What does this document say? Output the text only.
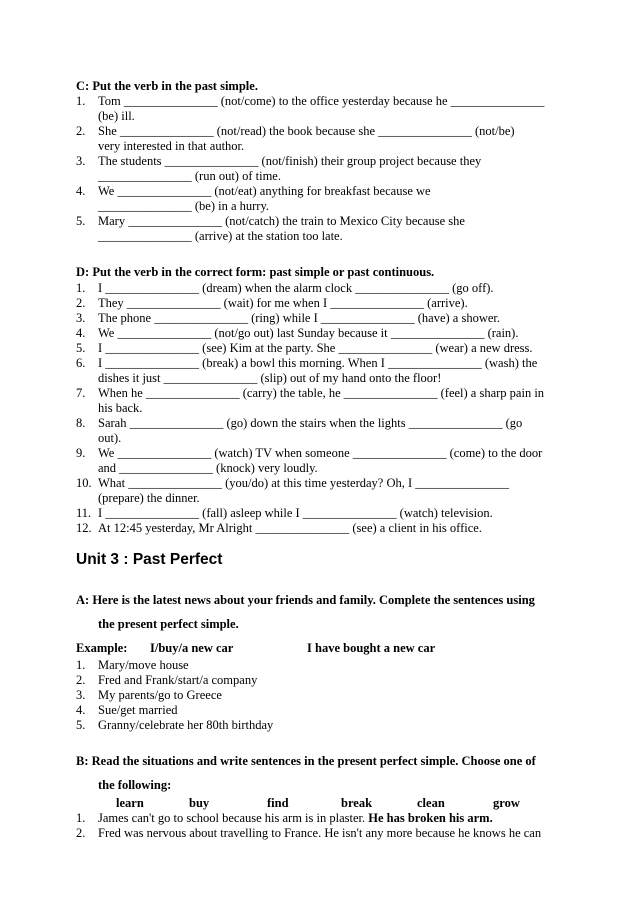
C: Put the verb in the past simple.
1.	Tom _______________ (not/come) to the office yesterday because he _______________
(be) ill.
2.	She _______________ (not/read) the book because she _______________ (not/be)
very interested in that author.
3.	The students _______________ (not/finish) their group project because they
_______________ (run out) of time.
4.	We _______________ (not/eat) anything for breakfast because we
_______________ (be) in a hurry.
5.	Mary _______________ (not/catch) the train to Mexico City because she
_______________ (arrive) at the station too late.
D: Put the verb in the correct form: past simple or past continuous.
1.	I _______________ (dream) when the alarm clock _______________ (go off).
2.	They _______________ (wait) for me when I _______________ (arrive).
3.	The phone _______________ (ring) while I _______________ (have) a shower.
4.	We _______________ (not/go out) last Sunday because it _______________ (rain).
5.	I _______________ (see) Kim at the party. She _______________ (wear) a new dress.
6.	I _______________ (break) a bowl this morning. When I _______________ (wash) the
dishes it just _______________ (slip) out of my hand onto the floor!
7.	When he _______________ (carry) the table, he _______________ (feel) a sharp pain in
his back.
8.	Sarah _______________ (go) down the stairs when the lights _______________ (go
out).
9.	We _______________ (watch) TV when someone _______________ (come) to the door
and _______________ (knock) very loudly.
10. What _______________ (you/do) at this time yesterday? Oh, I _______________
(prepare) the dinner.
11. I _______________ (fall) asleep while I _______________ (watch) television.
12. At 12:45 yesterday, Mr Alright _______________ (see) a client in his office.
Unit 3 : Past Perfect
A: Here is the latest news about your friends and family. Complete the sentences using
the present perfect simple.
Example: I/buy/a new car	I have bought a new car
1.	Mary/move house
2.	Fred and Frank/start/a company
3.	My parents/go to Greece
4.	Sue/get married
5.	Granny/celebrate her 80th birthday
B: Read the situations and write sentences in the present perfect simple. Choose one of
the following:
learn	buy	find	break	clean	grow
1.	James can't go to school because his arm is in plaster. He has broken his arm.
2.	Fred was nervous about travelling to France. He isn't any more because he knows he can
